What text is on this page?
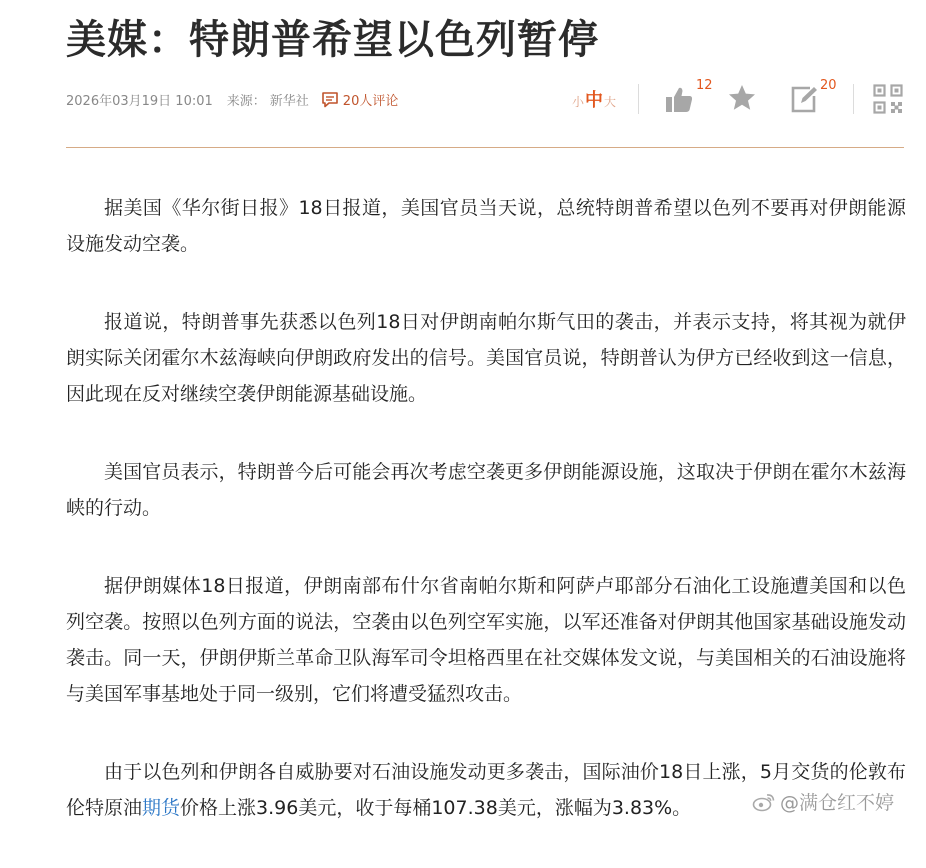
美媒：特朗普希望以色列暂停
2026年03月19日 10:01 来源： 新华社	20人评论	小 中 大
12	20

据美国《华尔街日报》18日报道，美国官员当天说，总统特朗普希望以色列不要再对伊朗能源设施发动空袭。

报道说，特朗普事先获悉以色列18日对伊朗南帕尔斯气田的袭击，并表示支持，将其视为就伊朗实际关闭霍尔木兹海峡向伊朗政府发出的信号。美国官员说，特朗普认为伊方已经收到这一信息，因此现在反对继续空袭伊朗能源基础设施。

美国官员表示，特朗普今后可能会再次考虑空袭更多伊朗能源设施，这取决于伊朗在霍尔木兹海峡的行动。

据伊朗媒体18日报道，伊朗南部布什尔省南帕尔斯和阿萨卢耶部分石油化工设施遭美国和以色列空袭。按照以色列方面的说法，空袭由以色列空军实施，以军还准备对伊朗其他国家基础设施发动袭击。同一天，伊朗伊斯兰革命卫队海军司令坦格西里在社交媒体发文说，与美国相关的石油设施将与美国军事基地处于同一级别，它们将遭受猛烈攻击。

由于以色列和伊朗各自威胁要对石油设施发动更多袭击，国际油价18日上涨，5月交货的伦敦布伦特原油期货价格上涨3.96美元，收于每桶107.38美元，涨幅为3.83%。	@满仓红不婷
